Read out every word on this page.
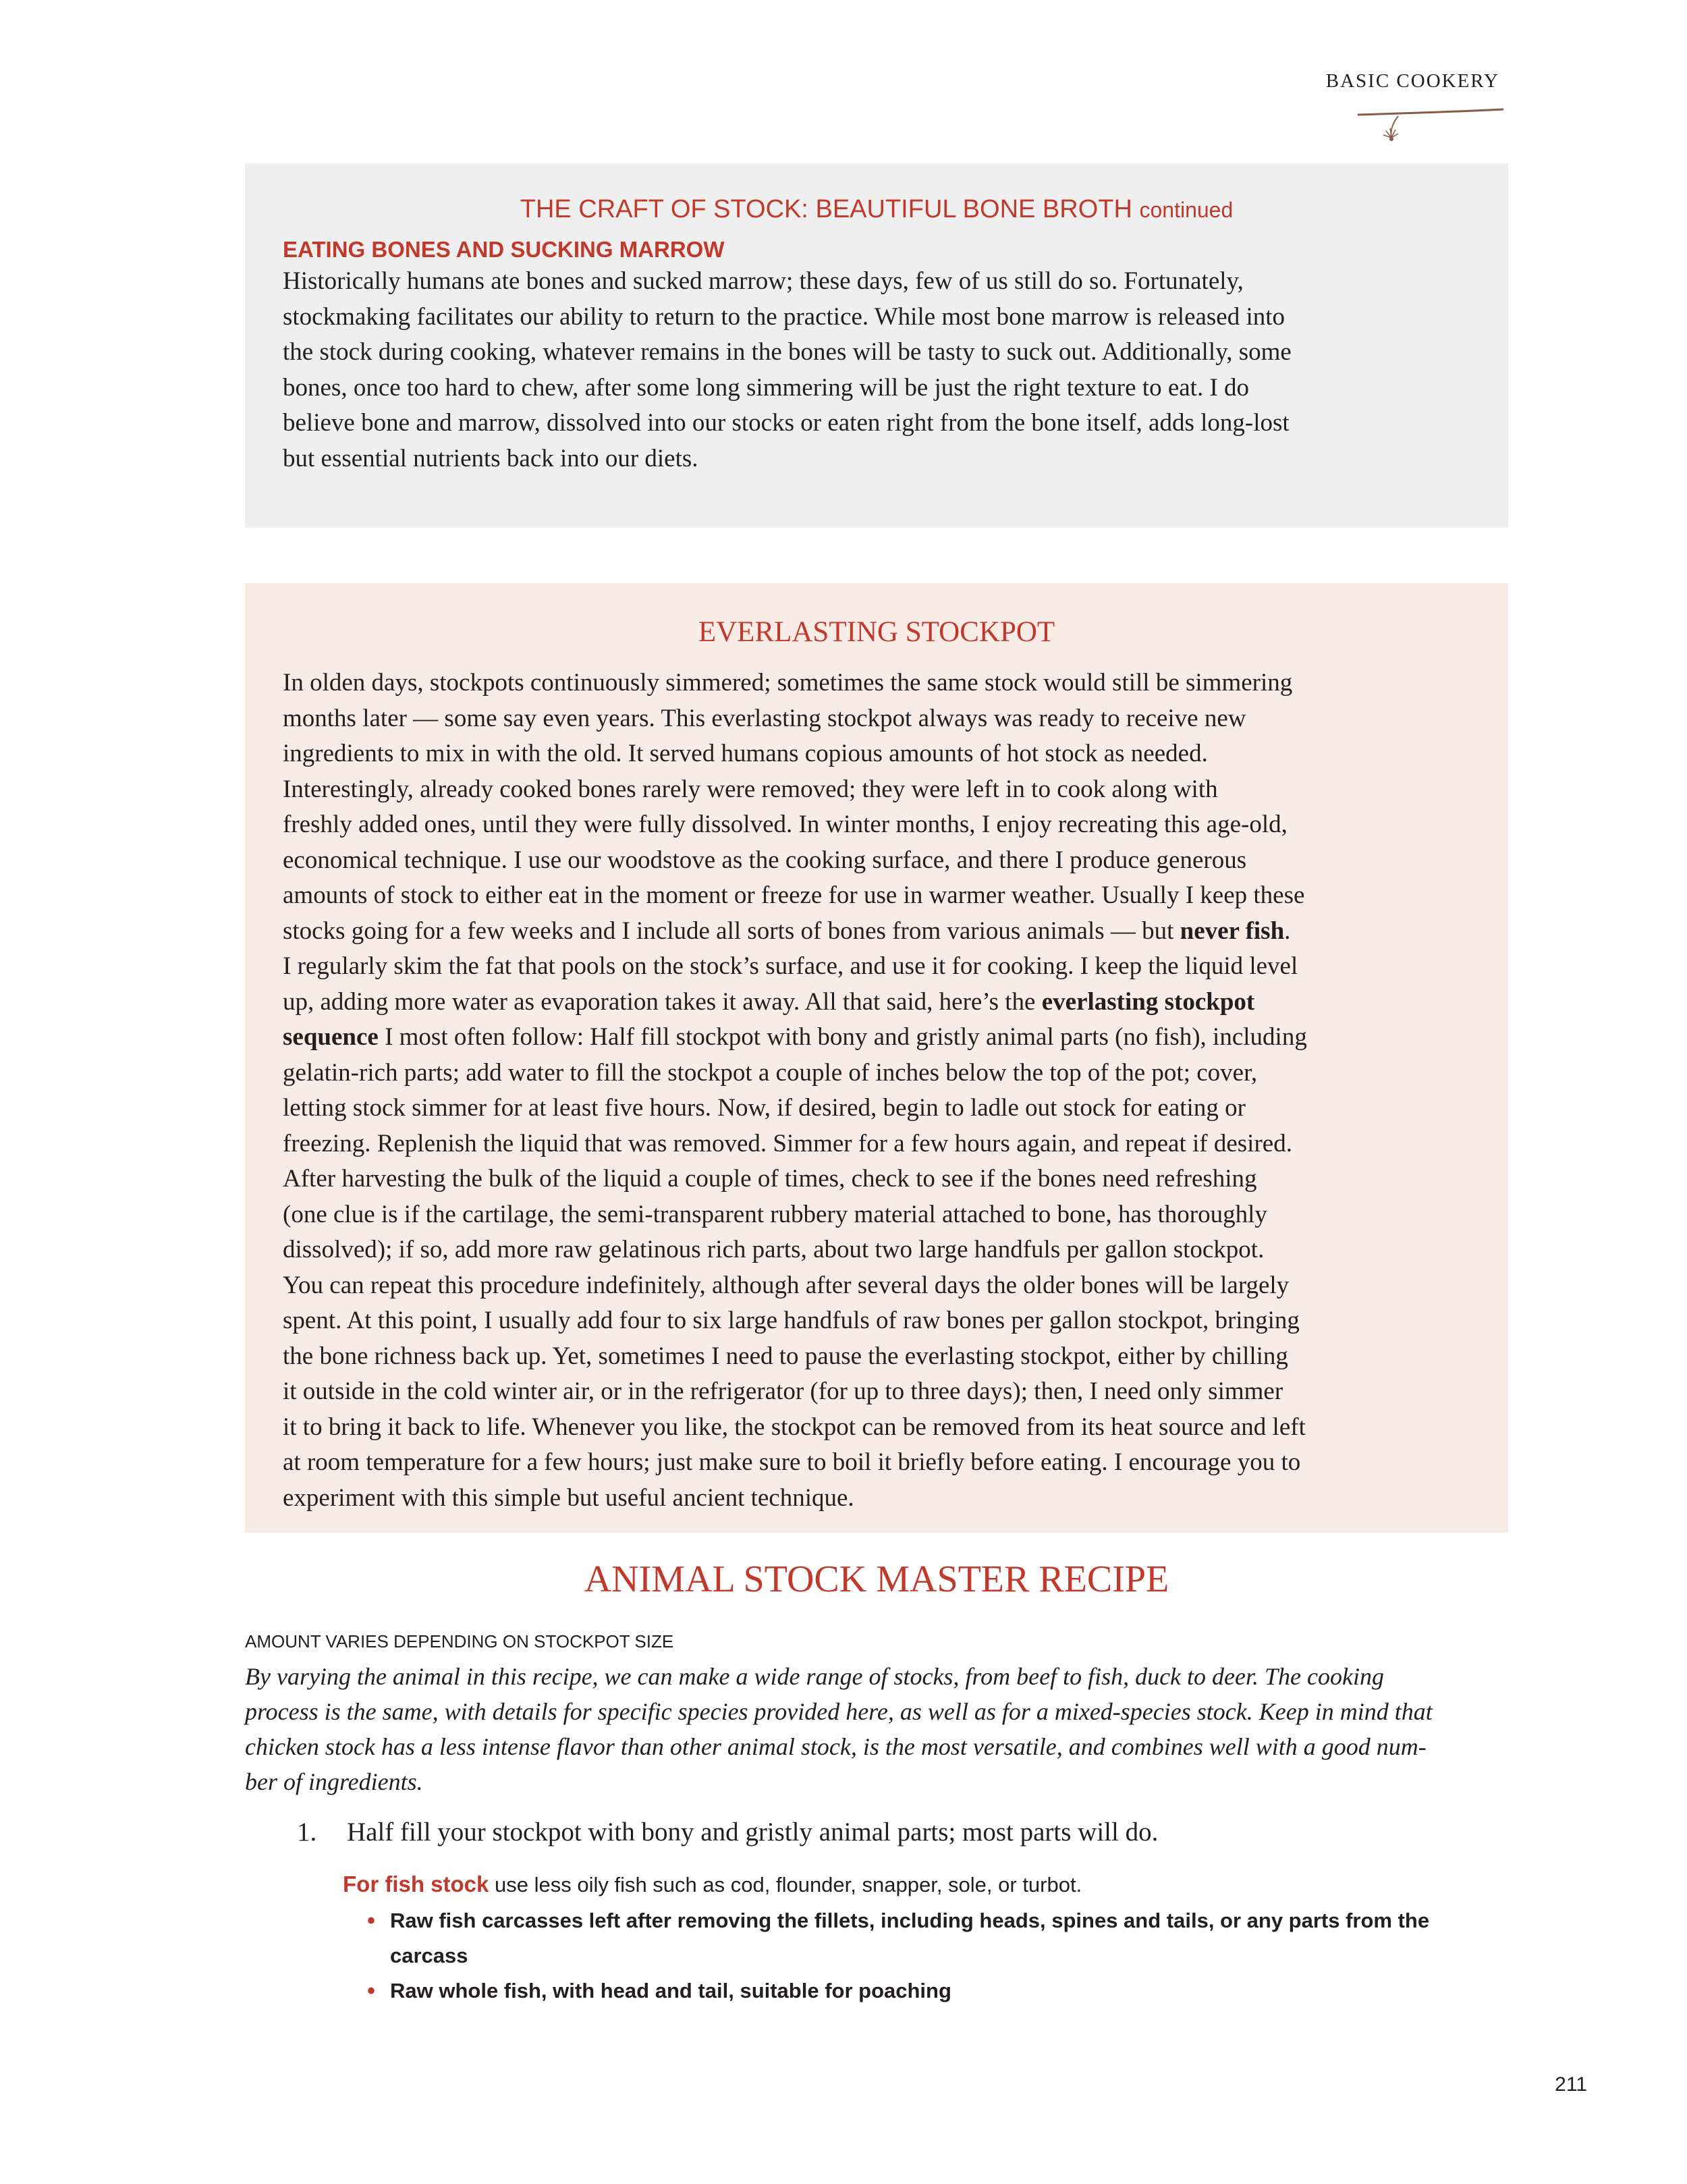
BASIC COOKERY
THE CRAFT OF STOCK: BEAUTIFUL BONE BROTH continued
EATING BONES AND SUCKING MARROW
Historically humans ate bones and sucked marrow; these days, few of us still do so. Fortunately,
stockmaking facilitates our ability to return to the practice. While most bone marrow is released into
the stock during cooking, whatever remains in the bones will be tasty to suck out. Additionally, some
bones, once too hard to chew, after some long simmering will be just the right texture to eat. I do
believe bone and marrow, dissolved into our stocks or eaten right from the bone itself, adds long-lost
but essential nutrients back into our diets.
EVERLASTING STOCKPOT
In olden days, stockpots continuously simmered; sometimes the same stock would still be simmering
months later — some say even years. This everlasting stockpot always was ready to receive new
ingredients to mix in with the old. It served humans copious amounts of hot stock as needed.
Interestingly, already cooked bones rarely were removed; they were left in to cook along with
freshly added ones, until they were fully dissolved. In winter months, I enjoy recreating this age-old,
economical technique. I use our woodstove as the cooking surface, and there I produce generous
amounts of stock to either eat in the moment or freeze for use in warmer weather. Usually I keep these
stocks going for a few weeks and I include all sorts of bones from various animals — but never fish.
I regularly skim the fat that pools on the stock’s surface, and use it for cooking. I keep the liquid level
up, adding more water as evaporation takes it away. All that said, here’s the everlasting stockpot
sequence I most often follow: Half fill stockpot with bony and gristly animal parts (no fish), including
gelatin-rich parts; add water to fill the stockpot a couple of inches below the top of the pot; cover,
letting stock simmer for at least five hours. Now, if desired, begin to ladle out stock for eating or
freezing. Replenish the liquid that was removed. Simmer for a few hours again, and repeat if desired.
After harvesting the bulk of the liquid a couple of times, check to see if the bones need refreshing
(one clue is if the cartilage, the semi-transparent rubbery material attached to bone, has thoroughly
dissolved); if so, add more raw gelatinous rich parts, about two large handfuls per gallon stockpot.
You can repeat this procedure indefinitely, although after several days the older bones will be largely
spent. At this point, I usually add four to six large handfuls of raw bones per gallon stockpot, bringing
the bone richness back up. Yet, sometimes I need to pause the everlasting stockpot, either by chilling
it outside in the cold winter air, or in the refrigerator (for up to three days); then, I need only simmer
it to bring it back to life. Whenever you like, the stockpot can be removed from its heat source and left
at room temperature for a few hours; just make sure to boil it briefly before eating. I encourage you to
experiment with this simple but useful ancient technique.
ANIMAL STOCK MASTER RECIPE
AMOUNT VARIES DEPENDING ON STOCKPOT SIZE
By varying the animal in this recipe, we can make a wide range of stocks, from beef to fish, duck to deer. The cooking
process is the same, with details for specific species provided here, as well as for a mixed-species stock. Keep in mind that
chicken stock has a less intense flavor than other animal stock, is the most versatile, and combines well with a good num-
ber of ingredients.
1. Half fill your stockpot with bony and gristly animal parts; most parts will do.
For fish stock use less oily fish such as cod, flounder, snapper, sole, or turbot.
• Raw fish carcasses left after removing the fillets, including heads, spines and tails, or any parts from the
carcass
• Raw whole fish, with head and tail, suitable for poaching
211
